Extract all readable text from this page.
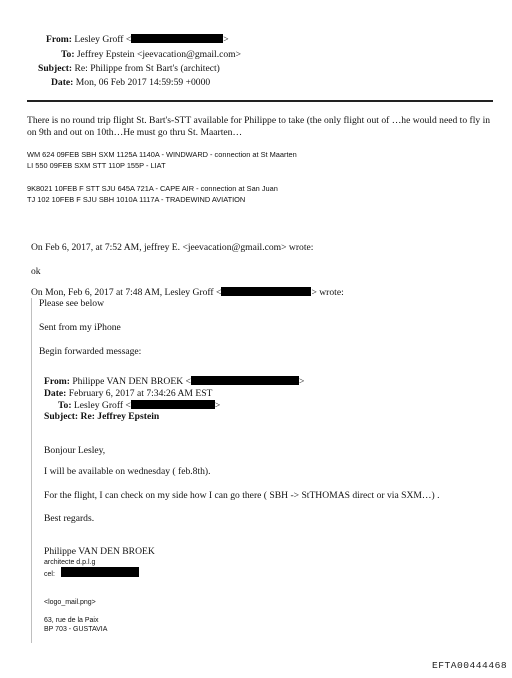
From: Lesley Groff <	>
To: Jeffrey Epstein <jeevacation@gmail.com>
Subject: Re: Philippe from St Bart's (architect)
Date: Mon, 06 Feb 2017 14:59:59 +0000
There is no round trip flight St. Bart's-STT available for Philippe to take (the only flight out of …he would need to fly in on 9th and out on 10th…He must go thru St. Maarten…
WM 624 09FEB SBH SXM 1125A 1140A - WINDWARD - connection at St Maarten
LI 550 09FEB SXM STT 110P 155P - LIAT
9K8021 10FEB F STT SJU 645A 721A - CAPE AIR - connection at San Juan
TJ 102 10FEB F SJU SBH 1010A 1117A - TRADEWIND AVIATION
On Feb 6, 2017, at 7:52 AM, jeffrey E. <jeevacation@gmail.com> wrote:
ok
On Mon, Feb 6, 2017 at 7:48 AM, Lesley Groff <	> wrote:
Please see below
Sent from my iPhone
Begin forwarded message:
From: Philippe VAN DEN BROEK <	>
Date: February 6, 2017 at 7:34:26 AM EST
To: Lesley Groff <	>
Subject: Re: Jeffrey Epstein
Bonjour Lesley,
I will be available on wednesday ( feb.8th).
For the flight, I can check on my side how I can go there ( SBH -> StTHOMAS direct or via SXM…) .
Best regards.
Philippe VAN DEN BROEK
architecte d.p.l.g
cel:
<logo_mail.png>
63, rue de la Paix
BP 703 - GUSTAVIA
EFTA00444468
